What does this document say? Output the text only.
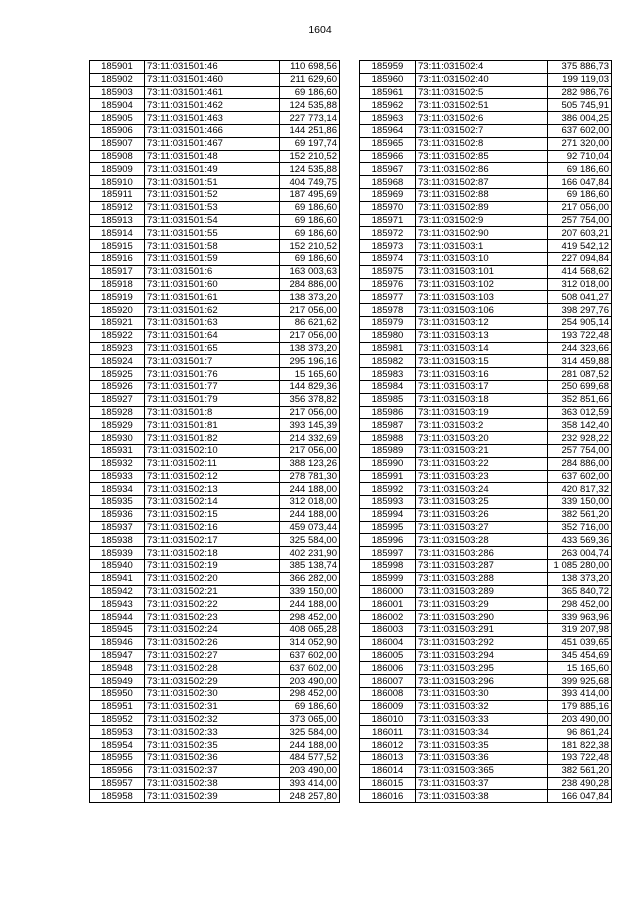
1604
185901	73:11:031501:46	110 698,56
185902	73:11:031501:460	211 629,60
185903	73:11:031501:461	69 186,60
185904	73:11:031501:462	124 535,88
185905	73:11:031501:463	227 773,14
185906	73:11:031501:466	144 251,86
185907	73:11:031501:467	69 197,74
185908	73:11:031501:48	152 210,52
185909	73:11:031501:49	124 535,88
185910	73:11:031501:51	404 749,75
185911	73:11:031501:52	187 495,69
185912	73:11:031501:53	69 186,60
185913	73:11:031501:54	69 186,60
185914	73:11:031501:55	69 186,60
185915	73:11:031501:58	152 210,52
185916	73:11:031501:59	69 186,60
185917	73:11:031501:6	163 003,63
185918	73:11:031501:60	284 886,00
185919	73:11:031501:61	138 373,20
185920	73:11:031501:62	217 056,00
185921	73:11:031501:63	86 621,62
185922	73:11:031501:64	217 056,00
185923	73:11:031501:65	138 373,20
185924	73:11:031501:7	295 196,16
185925	73:11:031501:76	15 165,60
185926	73:11:031501:77	144 829,36
185927	73:11:031501:79	356 378,82
185928	73:11:031501:8	217 056,00
185929	73:11:031501:81	393 145,39
185930	73:11:031501:82	214 332,69
185931	73:11:031502:10	217 056,00
185932	73:11:031502:11	388 123,26
185933	73:11:031502:12	278 781,30
185934	73:11:031502:13	244 188,00
185935	73:11:031502:14	312 018,00
185936	73:11:031502:15	244 188,00
185937	73:11:031502:16	459 073,44
185938	73:11:031502:17	325 584,00
185939	73:11:031502:18	402 231,90
185940	73:11:031502:19	385 138,74
185941	73:11:031502:20	366 282,00
185942	73:11:031502:21	339 150,00
185943	73:11:031502:22	244 188,00
185944	73:11:031502:23	298 452,00
185945	73:11:031502:24	408 065,28
185946	73:11:031502:26	314 052,90
185947	73:11:031502:27	637 602,00
185948	73:11:031502:28	637 602,00
185949	73:11:031502:29	203 490,00
185950	73:11:031502:30	298 452,00
185951	73:11:031502:31	69 186,60
185952	73:11:031502:32	373 065,00
185953	73:11:031502:33	325 584,00
185954	73:11:031502:35	244 188,00
185955	73:11:031502:36	484 577,52
185956	73:11:031502:37	203 490,00
185957	73:11:031502:38	393 414,00
185958	73:11:031502:39	248 257,80
185959	73:11:031502:4	375 886,73
185960	73:11:031502:40	199 119,03
185961	73:11:031502:5	282 986,76
185962	73:11:031502:51	505 745,91
185963	73:11:031502:6	386 004,25
185964	73:11:031502:7	637 602,00
185965	73:11:031502:8	271 320,00
185966	73:11:031502:85	92 710,04
185967	73:11:031502:86	69 186,60
185968	73:11:031502:87	166 047,84
185969	73:11:031502:88	69 186,60
185970	73:11:031502:89	217 056,00
185971	73:11:031502:9	257 754,00
185972	73:11:031502:90	207 603,21
185973	73:11:031503:1	419 542,12
185974	73:11:031503:10	227 094,84
185975	73:11:031503:101	414 568,62
185976	73:11:031503:102	312 018,00
185977	73:11:031503:103	508 041,27
185978	73:11:031503:106	398 297,76
185979	73:11:031503:12	254 905,14
185980	73:11:031503:13	193 722,48
185981	73:11:031503:14	244 323,66
185982	73:11:031503:15	314 459,88
185983	73:11:031503:16	281 087,52
185984	73:11:031503:17	250 699,68
185985	73:11:031503:18	352 851,66
185986	73:11:031503:19	363 012,59
185987	73:11:031503:2	358 142,40
185988	73:11:031503:20	232 928,22
185989	73:11:031503:21	257 754,00
185990	73:11:031503:22	284 886,00
185991	73:11:031503:23	637 602,00
185992	73:11:031503:24	420 817,32
185993	73:11:031503:25	339 150,00
185994	73:11:031503:26	382 561,20
185995	73:11:031503:27	352 716,00
185996	73:11:031503:28	433 569,36
185997	73:11:031503:286	263 004,74
185998	73:11:031503:287	1 085 280,00
185999	73:11:031503:288	138 373,20
186000	73:11:031503:289	365 840,72
186001	73:11:031503:29	298 452,00
186002	73:11:031503:290	339 963,96
186003	73:11:031503:291	319 207,98
186004	73:11:031503:292	451 039,65
186005	73:11:031503:294	345 454,69
186006	73:11:031503:295	15 165,60
186007	73:11:031503:296	399 925,68
186008	73:11:031503:30	393 414,00
186009	73:11:031503:32	179 885,16
186010	73:11:031503:33	203 490,00
186011	73:11:031503:34	96 861,24
186012	73:11:031503:35	181 822,38
186013	73:11:031503:36	193 722,48
186014	73:11:031503:365	382 561,20
186015	73:11:031503:37	238 490,28
186016	73:11:031503:38	166 047,84
